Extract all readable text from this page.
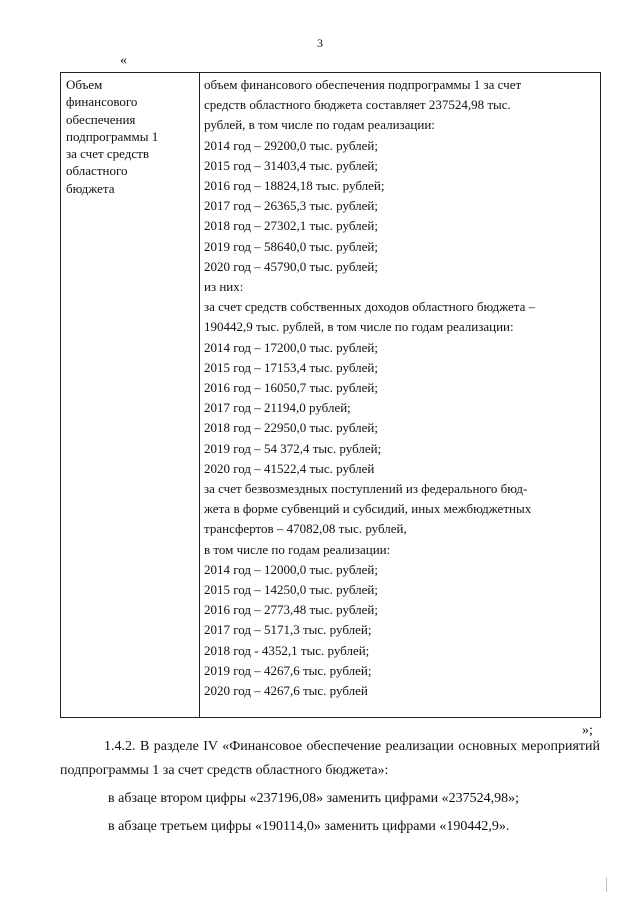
3
«
Объем
финансового
обеспечения
подпрограммы 1
за счет средств
областного
бюджета
объем финансового обеспечения подпрограммы 1 за счет
средств областного бюджета составляет 237524,98 тыс.
рублей, в том числе по годам реализации:
2014 год – 29200,0 тыс. рублей;
2015 год – 31403,4 тыс. рублей;
2016 год – 18824,18 тыс. рублей;
2017 год – 26365,3 тыс. рублей;
2018 год – 27302,1 тыс. рублей;
2019 год – 58640,0 тыс. рублей;
2020 год – 45790,0 тыс. рублей;
из них:
за счет средств собственных доходов областного бюджета –
190442,9 тыс. рублей, в том числе по годам реализации:
2014 год – 17200,0 тыс. рублей;
2015 год – 17153,4 тыс. рублей;
2016 год – 16050,7 тыс. рублей;
2017 год – 21194,0 рублей;
2018 год – 22950,0 тыс. рублей;
2019 год – 54 372,4 тыс. рублей;
2020 год – 41522,4 тыс. рублей
за счет безвозмездных поступлений из федерального бюд-
жета в форме субвенций и субсидий, иных межбюджетных
трансфертов – 47082,08 тыс. рублей,
в том числе по годам реализации:
2014 год – 12000,0 тыс. рублей;
2015 год – 14250,0 тыс. рублей;
2016 год – 2773,48 тыс. рублей;
2017 год – 5171,3 тыс. рублей;
2018 год - 4352,1 тыс. рублей;
2019 год – 4267,6 тыс. рублей;
2020 год – 4267,6 тыс. рублей
»;
1.4.2. В разделе IV «Финансовое обеспечение реализации основных мероприятий подпрограммы 1 за счет средств областного бюджета»:
в абзаце втором цифры «237196,08» заменить цифрами «237524,98»;
в абзаце третьем цифры «190114,0» заменить цифрами «190442,9».
